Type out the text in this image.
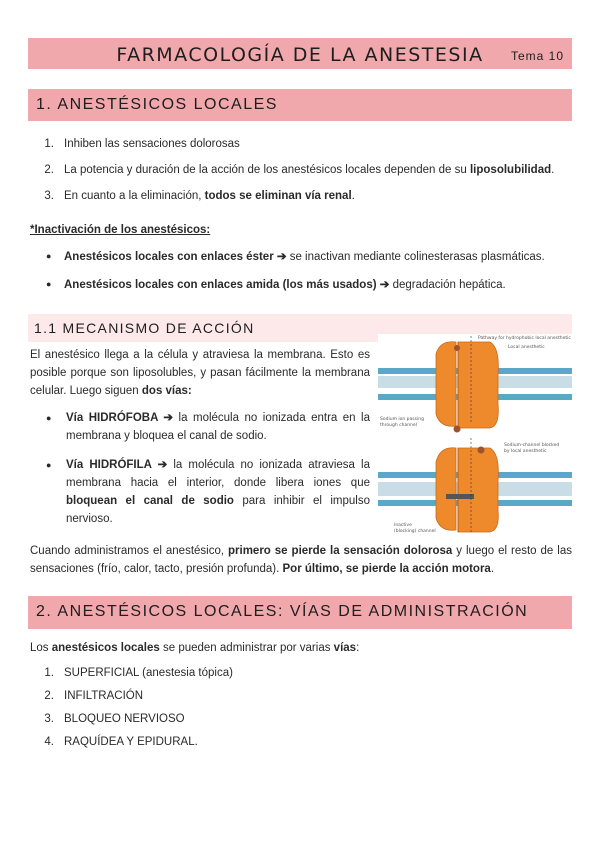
FARMACOLOGÍA DE LA ANESTESIA	Tema 10
1. ANESTÉSICOS LOCALES
1. Inhiben las sensaciones dolorosas
2. La potencia y duración de la acción de los anestésicos locales dependen de su liposolubilidad.
3. En cuanto a la eliminación, todos se eliminan vía renal.
*Inactivación de los anestésicos:
● Anestésicos locales con enlaces éster ➔ se inactivan mediante colinesterasas plasmáticas.
● Anestésicos locales con enlaces amida (los más usados) ➔ degradación hepática.
1.1 MECANISMO DE ACCIÓN
El anestésico llega a la célula y atraviesa la membrana. Esto es posible porque son liposolubles, y pasan fácilmente la membrana celular. Luego siguen dos vías:
● Vía HIDRÓFOBA ➔ la molécula no ionizada entra en la membrana y bloquea el canal de sodio.
● Vía HIDRÓFILA ➔ la molécula no ionizada atraviesa la membrana hacia el interior, donde libera iones que bloquean el canal de sodio para inhibir el impulso nervioso.
Pathway for hydrophobic local anesthetic
Local anesthetic
Sodium ion passing
through channel
Sodium-channel blocked
by local anesthetic
Inactive
(blocking) channel
Cuando administramos el anestésico, primero se pierde la sensación dolorosa y luego el resto de las sensaciones (frío, calor, tacto, presión profunda). Por último, se pierde la acción motora.
2. ANESTÉSICOS LOCALES: VÍAS DE ADMINISTRACIÓN
Los anestésicos locales se pueden administrar por varias vías:
1. SUPERFICIAL (anestesia tópica)
2. INFILTRACIÓN
3. BLOQUEO NERVIOSO
4. RAQUÍDEA Y EPIDURAL.
